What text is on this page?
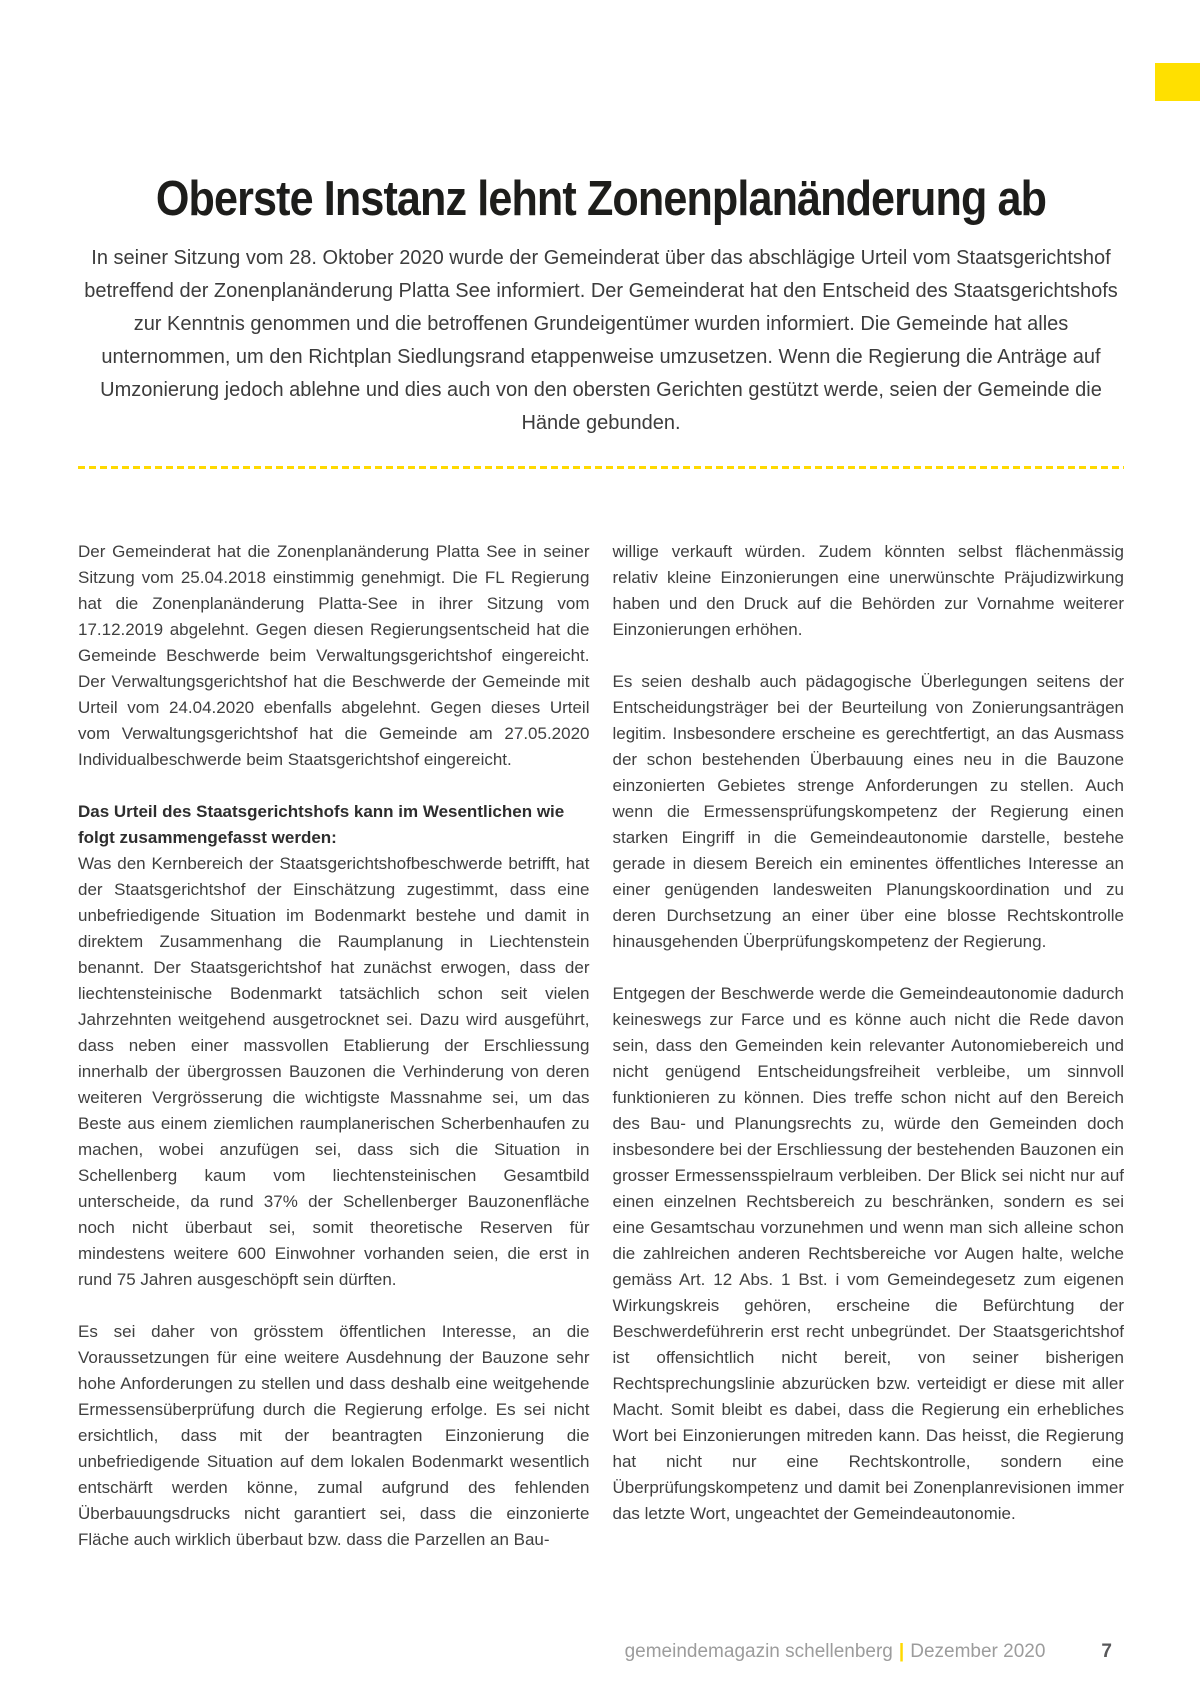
Oberste Instanz lehnt Zonenplanänderung ab

In seiner Sitzung vom 28. Oktober 2020 wurde der Gemeinderat über das abschlägige Urteil vom Staatsgerichtshof betreffend der Zonenplanänderung Platta See informiert. Der Gemeinderat hat den Entscheid des Staatsgerichtshofs zur Kenntnis genommen und die betroffenen Grundeigentümer wurden informiert. Die Gemeinde hat alles unternommen, um den Richtplan Siedlungsrand etappenweise umzusetzen. Wenn die Regierung die Anträge auf Umzonierung jedoch ablehne und dies auch von den obersten Gerichten gestützt werde, seien der Gemeinde die Hände gebunden.

Der Gemeinderat hat die Zonenplanänderung Platta See in seiner Sitzung vom 25.04.2018 einstimmig genehmigt. Die FL Regierung hat die Zonenplanänderung Platta-See in ihrer Sitzung vom 17.12.2019 abgelehnt. Gegen diesen Regierungsentscheid hat die Gemeinde Beschwerde beim Verwaltungsgerichtshof eingereicht. Der Verwaltungsgerichtshof hat die Beschwerde der Gemeinde mit Urteil vom 24.04.2020 ebenfalls abgelehnt. Gegen dieses Urteil vom Verwaltungsgerichtshof hat die Gemeinde am 27.05.2020 Individualbeschwerde beim Staatsgerichtshof eingereicht.

Das Urteil des Staatsgerichtshofs kann im Wesentlichen wie folgt zusammengefasst werden:

Was den Kernbereich der Staatsgerichtshofbeschwerde betrifft, hat der Staatsgerichtshof der Einschätzung zugestimmt, dass eine unbefriedigende Situation im Bodenmarkt bestehe und damit in direktem Zusammenhang die Raumplanung in Liechtenstein benannt. Der Staatsgerichtshof hat zunächst erwogen, dass der liechtensteinische Bodenmarkt tatsächlich schon seit vielen Jahrzehnten weitgehend ausgetrocknet sei. Dazu wird ausgeführt, dass neben einer massvollen Etablierung der Erschliessung innerhalb der übergrossen Bauzonen die Verhinderung von deren weiteren Vergrösserung die wichtigste Massnahme sei, um das Beste aus einem ziemlichen raumplanerischen Scherbenhaufen zu machen, wobei anzufügen sei, dass sich die Situation in Schellenberg kaum vom liechtensteinischen Gesamtbild unterscheide, da rund 37% der Schellenberger Bauzonenfläche noch nicht überbaut sei, somit theoretische Reserven für mindestens weitere 600 Einwohner vorhanden seien, die erst in rund 75 Jahren ausgeschöpft sein dürften.

Es sei daher von grösstem öffentlichen Interesse, an die Voraussetzungen für eine weitere Ausdehnung der Bauzone sehr hohe Anforderungen zu stellen und dass deshalb eine weitgehende Ermessensüberprüfung durch die Regierung erfolge. Es sei nicht ersichtlich, dass mit der beantragten Einzonierung die unbefriedigende Situation auf dem lokalen Bodenmarkt wesentlich entschärft werden könne, zumal aufgrund des fehlenden Überbauungsdrucks nicht garantiert sei, dass die einzonierte Fläche auch wirklich überbaut bzw. dass die Parzellen an Bau-

willige verkauft würden. Zudem könnten selbst flächenmässig relativ kleine Einzonierungen eine unerwünschte Präjudizwirkung haben und den Druck auf die Behörden zur Vornahme weiterer Einzonierungen erhöhen.

Es seien deshalb auch pädagogische Überlegungen seitens der Entscheidungsträger bei der Beurteilung von Zonierungsanträgen legitim. Insbesondere erscheine es gerechtfertigt, an das Ausmass der schon bestehenden Überbauung eines neu in die Bauzone einzonierten Gebietes strenge Anforderungen zu stellen. Auch wenn die Ermessensprüfungskompetenz der Regierung einen starken Eingriff in die Gemeindeautonomie darstelle, bestehe gerade in diesem Bereich ein eminentes öffentliches Interesse an einer genügenden landesweiten Planungskoordination und zu deren Durchsetzung an einer über eine blosse Rechtskontrolle hinausgehenden Überprüfungskompetenz der Regierung.

Entgegen der Beschwerde werde die Gemeindeautonomie dadurch keineswegs zur Farce und es könne auch nicht die Rede davon sein, dass den Gemeinden kein relevanter Autonomiebereich und nicht genügend Entscheidungsfreiheit verbleibe, um sinnvoll funktionieren zu können. Dies treffe schon nicht auf den Bereich des Bau- und Planungsrechts zu, würde den Gemeinden doch insbesondere bei der Erschliessung der bestehenden Bauzonen ein grosser Ermessensspielraum verbleiben. Der Blick sei nicht nur auf einen einzelnen Rechtsbereich zu beschränken, sondern es sei eine Gesamtschau vorzunehmen und wenn man sich alleine schon die zahlreichen anderen Rechtsbereiche vor Augen halte, welche gemäss Art. 12 Abs. 1 Bst. i vom Gemeindegesetz zum eigenen Wirkungskreis gehören, erscheine die Befürchtung der Beschwerdeführerin erst recht unbegründet. Der Staatsgerichtshof ist offensichtlich nicht bereit, von seiner bisherigen Rechtsprechungslinie abzurücken bzw. verteidigt er diese mit aller Macht. Somit bleibt es dabei, dass die Regierung ein erhebliches Wort bei Einzonierungen mitreden kann. Das heisst, die Regierung hat nicht nur eine Rechtskontrolle, sondern eine Überprüfungskompetenz und damit bei Zonenplanrevisionen immer das letzte Wort, ungeachtet der Gemeindeautonomie.

gemeindemagazin schellenberg | Dezember 2020	7
